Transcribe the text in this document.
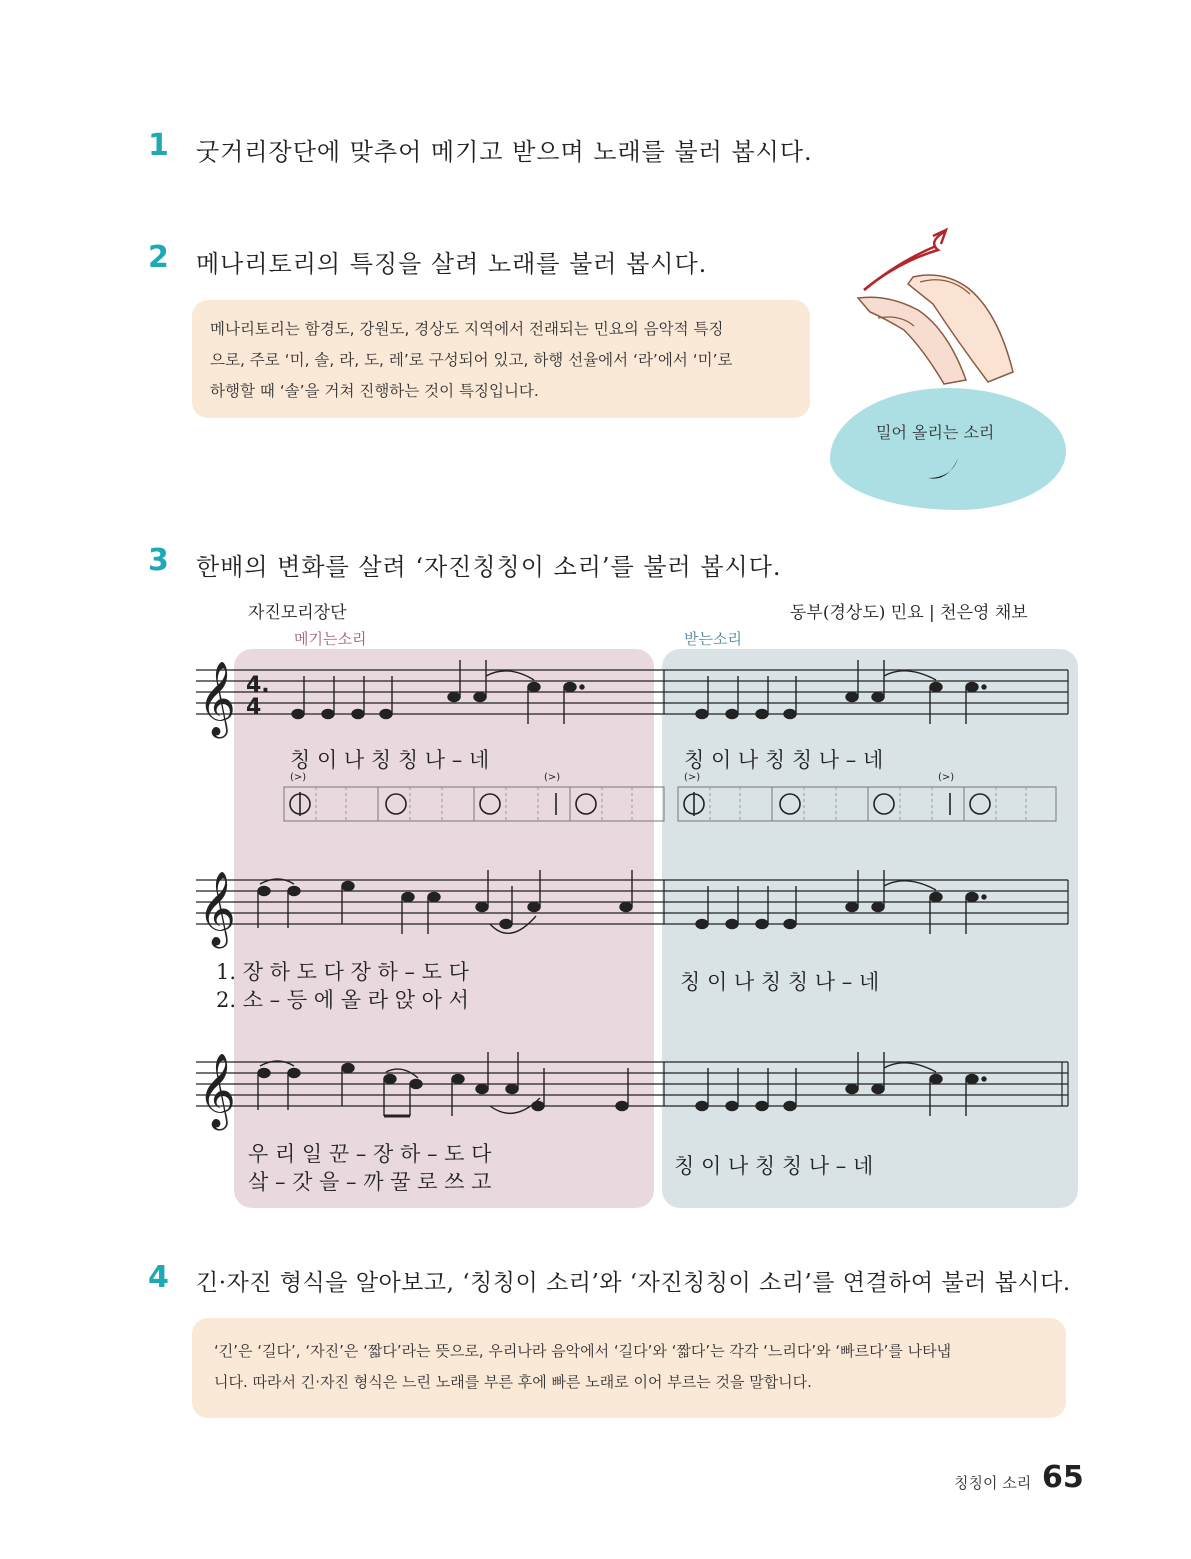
1 굿거리장단에 맞추어 메기고 받으며 노래를 불러 봅시다.
2 메나리토리의 특징을 살려 노래를 불러 봅시다.
메나리토리는 함경도, 강원도, 경상도 지역에서 전래되는 민요의 음악적 특징
으로, 주로 ‘미, 솔, 라, 도, 레’로 구성되어 있고, 하행 선율에서 ‘라’에서 ‘미’로
하행할 때 ‘솔’을 거쳐 진행하는 것이 특징입니다.
밀어 올리는 소리
3 한배의 변화를 살려 ‘자진칭칭이 소리’를 불러 봅시다.
자진모리장단	동부(경상도) 민요 | 천은영 채보
메기는소리	받는소리
𝄞 4.
4
칭 이 나 칭 칭 나 – 네	칭 이 나 칭 칭 나 – 네
(>)	(>)	(>)	(>)
𝄞
1. 장 하 도 다 장 하 – 도 다
2. 소 – 등 에 올 라 앉 아 서
칭 이 나 칭 칭 나 – 네
𝄞
우 리 일 꾼 – 장 하 – 도 다
샄 – 갓 을 – 까 꿀 로 쓰 고
칭 이 나 칭 칭 나 – 네
4 긴·자진 형식을 알아보고, ‘칭칭이 소리’와 ‘자진칭칭이 소리’를 연결하여 불러 봅시다.
‘긴’은 ‘길다’, ‘자진’은 ‘짧다’라는 뜻으로, 우리나라 음악에서 ‘길다’와 ‘짧다’는 각각 ‘느리다’와 ‘빠르다’를 나타냅
니다. 따라서 긴·자진 형식은 느린 노래를 부른 후에 빠른 노래로 이어 부르는 것을 말합니다.
칭칭이 소리 65
